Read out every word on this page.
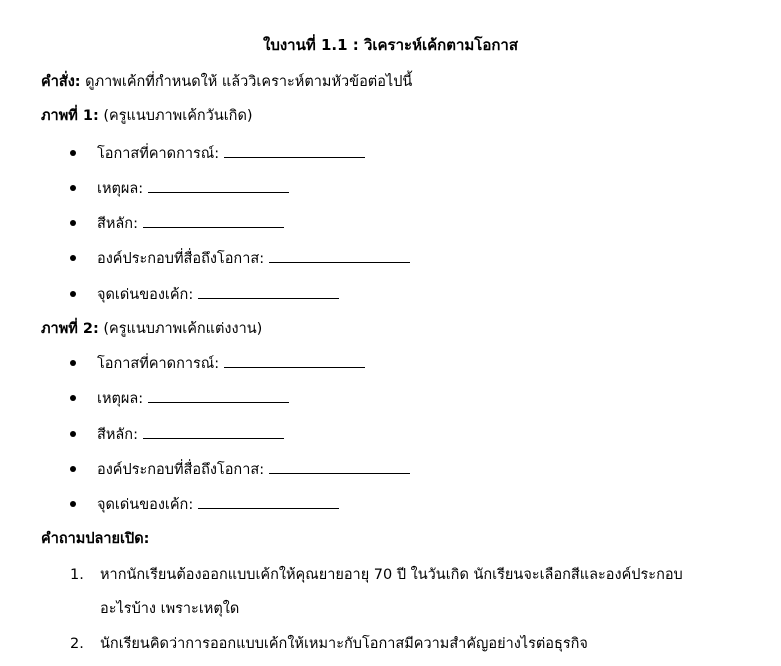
ใบงานที่ 1.1 : วิเคราะห์เค้กตามโอกาส
คำสั่ง: ดูภาพเค้กที่กำหนดให้ แล้ววิเคราะห์ตามหัวข้อต่อไปนี้
ภาพที่ 1: (ครูแนบภาพเค้กวันเกิด)
โอกาสที่คาดการณ์:
เหตุผล:
สีหลัก:
องค์ประกอบที่สื่อถึงโอกาส:
จุดเด่นของเค้ก:
ภาพที่ 2: (ครูแนบภาพเค้กแต่งงาน)
โอกาสที่คาดการณ์:
เหตุผล:
สีหลัก:
องค์ประกอบที่สื่อถึงโอกาส:
จุดเด่นของเค้ก:
คำถามปลายเปิด:
1. หากนักเรียนต้องออกแบบเค้กให้คุณยายอายุ 70 ปี ในวันเกิด นักเรียนจะเลือกสีและองค์ประกอบ
อะไรบ้าง เพราะเหตุใด
2. นักเรียนคิดว่าการออกแบบเค้กให้เหมาะกับโอกาสมีความสำคัญอย่างไรต่อธุรกิจ
